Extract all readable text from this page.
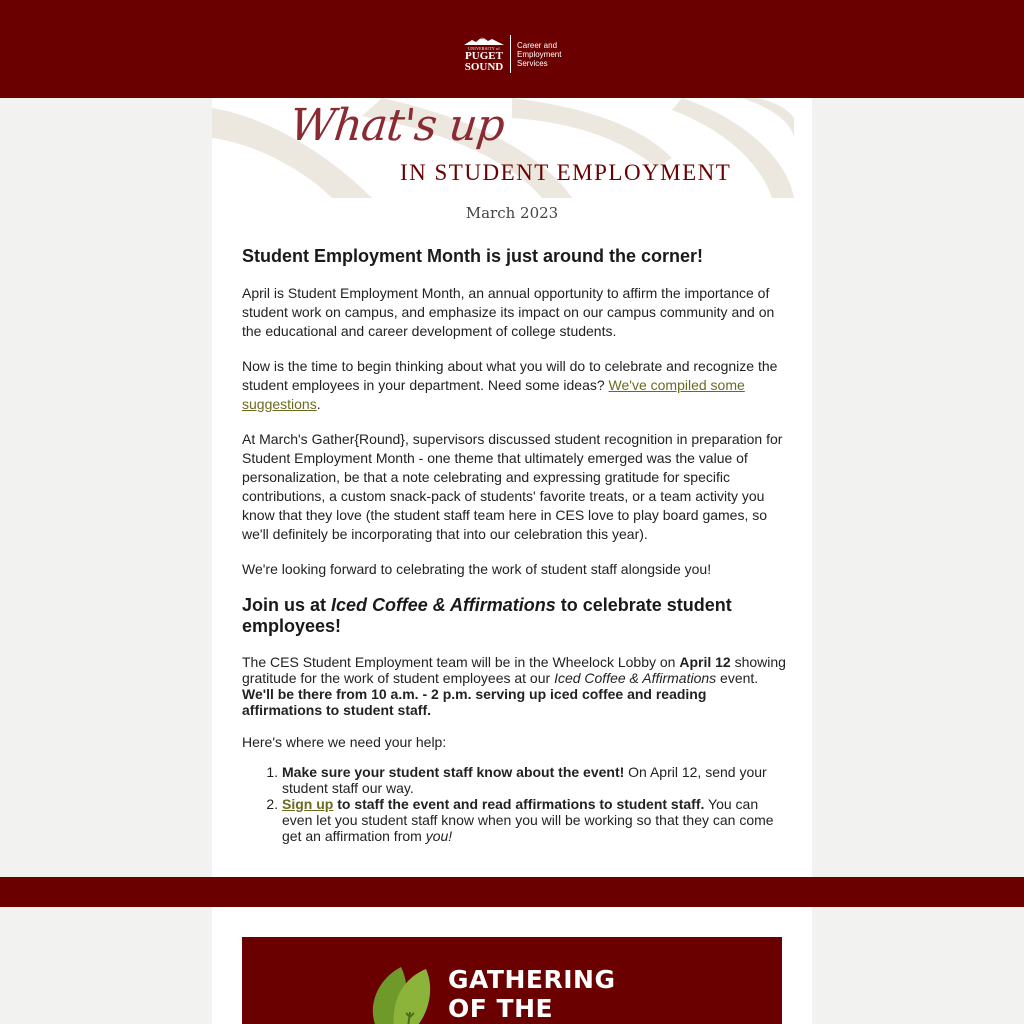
UNIVERSITY of
PUGET
SOUND
Career and
Employment
Services
What's up
IN STUDENT EMPLOYMENT
March 2023
Student Employment Month is just around the corner!

April is Student Employment Month, an annual opportunity to affirm the importance of student work on campus, and emphasize its impact on our campus community and on the educational and career development of college students.

Now is the time to begin thinking about what you will do to celebrate and recognize the student employees in your department. Need some ideas? We've compiled some suggestions.

At March's Gather{Round}, supervisors discussed student recognition in preparation for Student Employment Month - one theme that ultimately emerged was the value of personalization, be that a note celebrating and expressing gratitude for specific contributions, a custom snack-pack of students' favorite treats, or a team activity you know that they love (the student staff team here in CES love to play board games, so we'll definitely be incorporating that into our celebration this year).

We're looking forward to celebrating the work of student staff alongside you!

Join us at Iced Coffee & Affirmations to celebrate student employees!

The CES Student Employment team will be in the Wheelock Lobby on April 12 showing gratitude for the work of student employees at our Iced Coffee & Affirmations event. We'll be there from 10 a.m. - 2 p.m. serving up iced coffee and reading affirmations to student staff.

Here's where we need your help:

1. Make sure your student staff know about the event! On April 12, send your student staff our way.
2. Sign up to staff the event and read affirmations to student staff. You can even let you student staff know when you will be working so that they can come get an affirmation from you!
GATHERING
OF THE
